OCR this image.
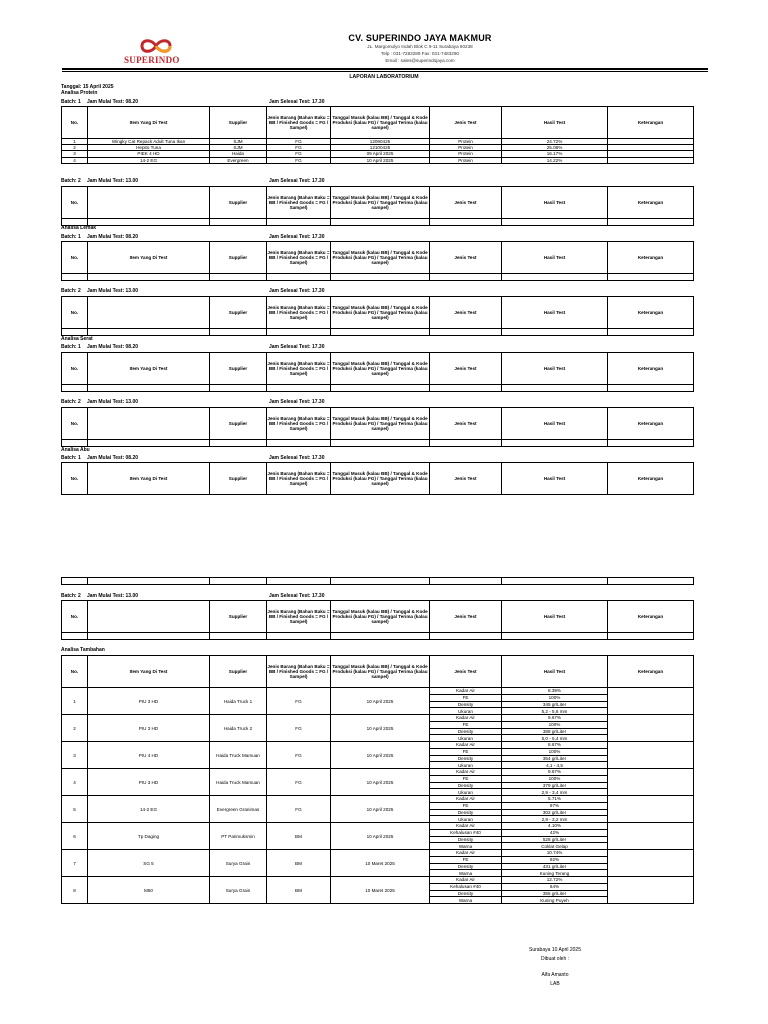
SUPERINDO
CV. SUPERINDO JAYA MAKMUR
JL. Margomulyo Indah Blok C 9-11 Surabaya 60238
Telp : 031-7283289 Fax: 031-7483290
Email : sales@superindojaya.com
LAPORAN LABORATORIUM
Tanggal: 15 April 2025
Analisa Protein
Batch: 1 Jam Mulai Test: 08.20	Jam Selesai Test: 17.30
No.	Item Yang Di Test	Supplier	Jenis Barang (Bahan Baku = BB / Finished Goods = FG / Sampel)	Tanggal Masuk (kalau BB) / Tanggal & Kode Produksi (kalau FG) / Tanggal Terima (kalau sampel)	Jenis Test	Hasil Test	Keterangan
1	Wingky Cat Repack Adult Tuna Ikan	SJM	FG	12090425	Protein	24.72%	
2	Hepito Tuna	SJM	FG	12100425	Protein	25.08%	
3	PIEK 4 HD	Haida	FG	09 April 2025	Protein	16.17%	
4	14-2 EG	Evergreen	FG	10 April 2025	Protein	14.22%	
Batch: 2 Jam Mulai Test: 13.00	Jam Selesai Test: 17.30
No.		Supplier	Jenis Barang (Bahan Baku = BB / Finished Goods = FG / Sampel)	Tanggal Masuk (kalau BB) / Tanggal & Kode Produksi (kalau FG) / Tanggal Terima (kalau sampel)	Jenis Test	Hasil Test	Keterangan

Analisa Lemak
Batch: 1 Jam Mulai Test: 08.20	Jam Selesai Test: 17.30
No.	Item Yang Di Test	Supplier	Jenis Barang (Bahan Baku = BB / Finished Goods = FG / Sampel)	Tanggal Masuk (kalau BB) / Tanggal & Kode Produksi (kalau FG) / Tanggal Terima (kalau sampel)	Jenis Test	Hasil Test	Keterangan

Batch: 2 Jam Mulai Test: 13.00	Jam Selesai Test: 17.30
No.		Supplier	Jenis Barang (Bahan Baku = BB / Finished Goods = FG / Sampel)	Tanggal Masuk (kalau BB) / Tanggal & Kode Produksi (kalau FG) / Tanggal Terima (kalau sampel)	Jenis Test	Hasil Test	Keterangan

Analisa Serat
Batch: 1 Jam Mulai Test: 08.20	Jam Selesai Test: 17.30
No.	Item Yang Di Test	Supplier	Jenis Barang (Bahan Baku = BB / Finished Goods = FG / Sampel)	Tanggal Masuk (kalau BB) / Tanggal & Kode Produksi (kalau FG) / Tanggal Terima (kalau sampel)	Jenis Test	Hasil Test	Keterangan

Batch: 2 Jam Mulai Test: 13.00	Jam Selesai Test: 17.30
No.		Supplier	Jenis Barang (Bahan Baku = BB / Finished Goods = FG / Sampel)	Tanggal Masuk (kalau BB) / Tanggal & Kode Produksi (kalau FG) / Tanggal Terima (kalau sampel)	Jenis Test	Hasil Test	Keterangan

Analisa Abu
Batch: 1 Jam Mulai Test: 08.20	Jam Selesai Test: 17.30
No.	Item Yang Di Test	Supplier	Jenis Barang (Bahan Baku = BB / Finished Goods = FG / Sampel)	Tanggal Masuk (kalau BB) / Tanggal & Kode Produksi (kalau FG) / Tanggal Terima (kalau sampel)	Jenis Test	Hasil Test	Keterangan

Batch: 2 Jam Mulai Test: 13.00	Jam Selesai Test: 17.30
No.		Supplier	Jenis Barang (Bahan Baku = BB / Finished Goods = FG / Sampel)	Tanggal Masuk (kalau BB) / Tanggal & Kode Produksi (kalau FG) / Tanggal Terima (kalau sampel)	Jenis Test	Hasil Test	Keterangan

Analisa Tambahan
No.	Item Yang Di Test	Supplier	Jenis Barang (Bahan Baku = BB / Finished Goods = FG / Sampel)	Tanggal Masuk (kalau BB) / Tanggal & Kode Produksi (kalau FG) / Tanggal Terima (kalau sampel)	Jenis Test	Hasil Test	Keterangan
1	PIU 3 HD	Haida Truck 1	FG	10 April 2025	Kadar Air	8.39%	
					FE	100%	
					Density	345 gr/Liter	
					Ukuran	5,2 - 5,6 mm	
2	PIU 3 HD	Haida Truck 2	FG	10 April 2025	Kadar Air	9.67%	
					FE	100%	
					Density	388 gr/Liter	
					Ukuran	5,0 - 5,4 mm	
3	PIU 4 HD	Haida Truck Mamuan	FG	10 April 2025	Kadar Air	8.67%	
					FE	100%	
					Density	354 gr/Liter	
					Ukuran	4,1 - 4,5	
4	PIU 3 HD	Haida Truck Mamuan	FG	10 April 2025	Kadar Air	9.67%	
					FE	100%	
					Density	379 gr/Liter	
					Ukuran	2,9 - 3,4 mm	
5	14-2 EG	Evergreen Granimas	FG	10 April 2025	Kadar Air	5.71%	
					FE	97%	
					Density	302 gr/Liter	
					Ukuran	2,9 - 3,2 mm	
6	Tp Daging	PT Parimuksmin	BM	10 April 2025	Kadar Air	4.10%	
					Kehalusan #40	42%	
					Density	528 gr/Liter	
					Warna	Coklat Gelap	
7	SG 5	Surya Grain	BM	10 Maret 2025	Kadar Air	10.74%	
					FE	92%	
					Density	431 gr/Liter	
					Warna	Kuning Terang	
8	M50	Surya Grain	BM	10 Maret 2025	Kadar Air	12.72%	
					Kehalusan #40	64%	
					Density	355 gr/Liter	
					Warna	Kuning Puyeh	
Surabaya 10 April 2025
Dibuat oleh :
Alfa Amanto
LAB
